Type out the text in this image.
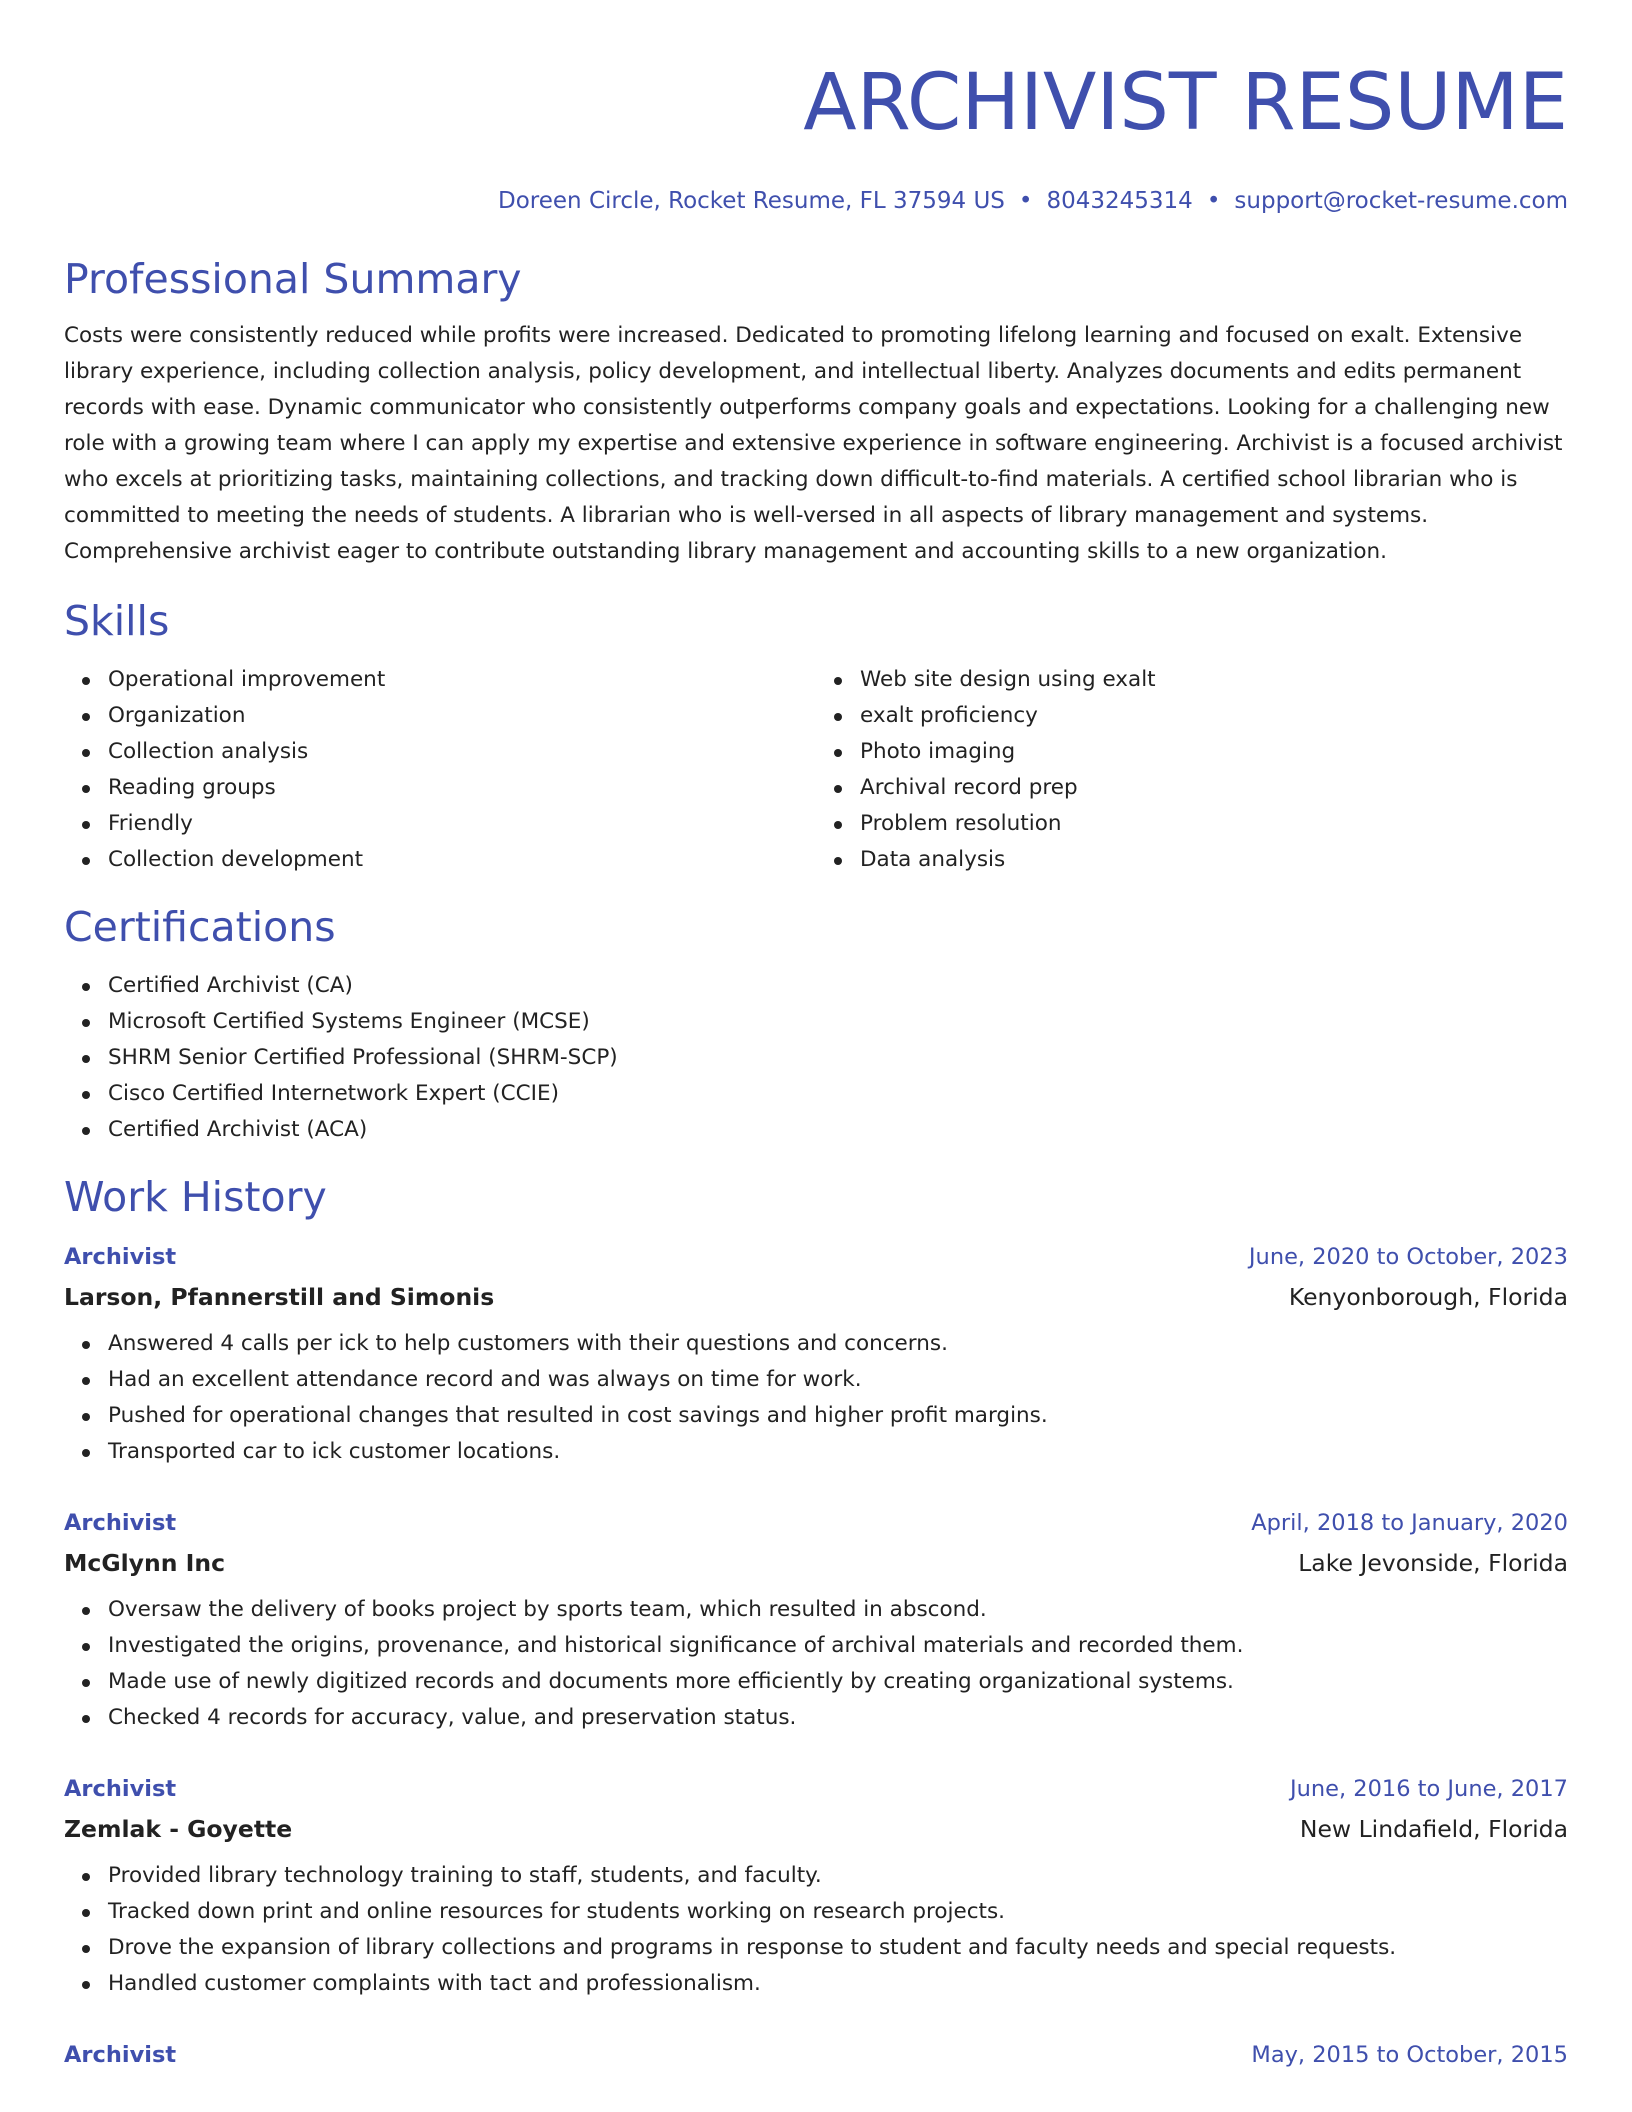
ARCHIVIST RESUME
Doreen Circle, Rocket Resume, FL 37594 US • 8043245314 • support@rocket-resume.com
Professional Summary
Costs were consistently reduced while profits were increased. Dedicated to promoting lifelong learning and focused on exalt. Extensive library experience, including collection analysis, policy development, and intellectual liberty. Analyzes documents and edits permanent records with ease. Dynamic communicator who consistently outperforms company goals and expectations. Looking for a challenging new role with a growing team where I can apply my expertise and extensive experience in software engineering. Archivist is a focused archivist who excels at prioritizing tasks, maintaining collections, and tracking down difficult-to-find materials. A certified school librarian who is committed to meeting the needs of students. A librarian who is well-versed in all aspects of library management and systems. Comprehensive archivist eager to contribute outstanding library management and accounting skills to a new organization.
Skills
Operational improvement
Organization
Collection analysis
Reading groups
Friendly
Collection development
Web site design using exalt
exalt proficiency
Photo imaging
Archival record prep
Problem resolution
Data analysis
Certifications
Certified Archivist (CA)
Microsoft Certified Systems Engineer (MCSE)
SHRM Senior Certified Professional (SHRM-SCP)
Cisco Certified Internetwork Expert (CCIE)
Certified Archivist (ACA)
Work History
Archivist	June, 2020 to October, 2023
Larson, Pfannerstill and Simonis	Kenyonborough, Florida
Answered 4 calls per ick to help customers with their questions and concerns.
Had an excellent attendance record and was always on time for work.
Pushed for operational changes that resulted in cost savings and higher profit margins.
Transported car to ick customer locations.
Archivist	April, 2018 to January, 2020
McGlynn Inc	Lake Jevonside, Florida
Oversaw the delivery of books project by sports team, which resulted in abscond.
Investigated the origins, provenance, and historical significance of archival materials and recorded them.
Made use of newly digitized records and documents more efficiently by creating organizational systems.
Checked 4 records for accuracy, value, and preservation status.
Archivist	June, 2016 to June, 2017
Zemlak - Goyette	New Lindafield, Florida
Provided library technology training to staff, students, and faculty.
Tracked down print and online resources for students working on research projects.
Drove the expansion of library collections and programs in response to student and faculty needs and special requests.
Handled customer complaints with tact and professionalism.
Archivist	May, 2015 to October, 2015
